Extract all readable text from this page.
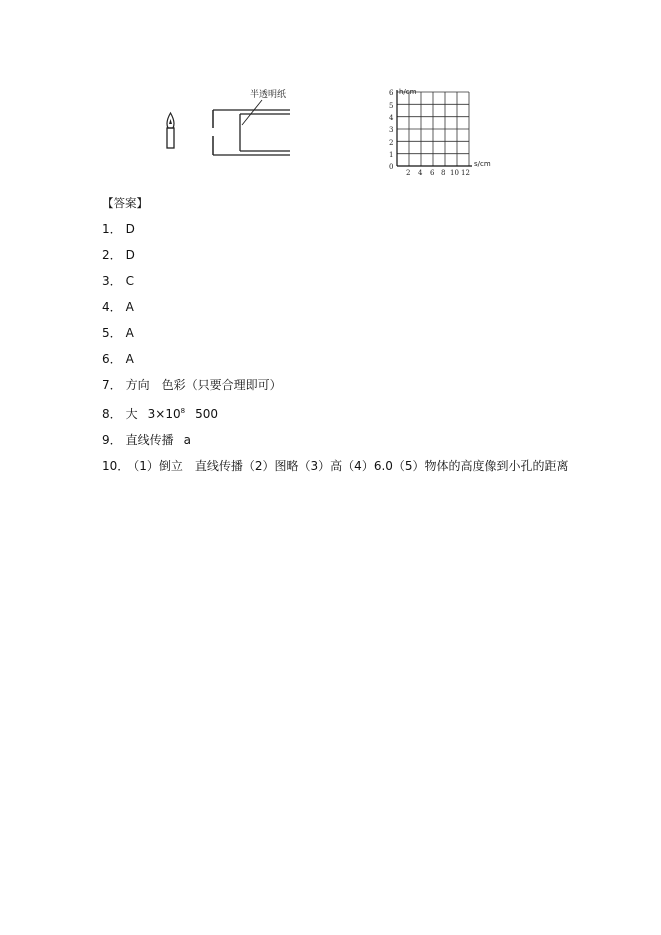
半透明纸	h/cm
s/cm
6
5
4
3
2
1
0
2 4 6 8 10 12
【答案】
1． D
2． D
3． C
4． A
5． A
6． A
7． 方向　色彩（只要合理即可）
8． 大 $3\times 10^8$ 500
9． 直线传播 a
10． （1）倒立　直线传播（2）图略（3）高（4）6.0（5）物体的高度像到小孔的距离
